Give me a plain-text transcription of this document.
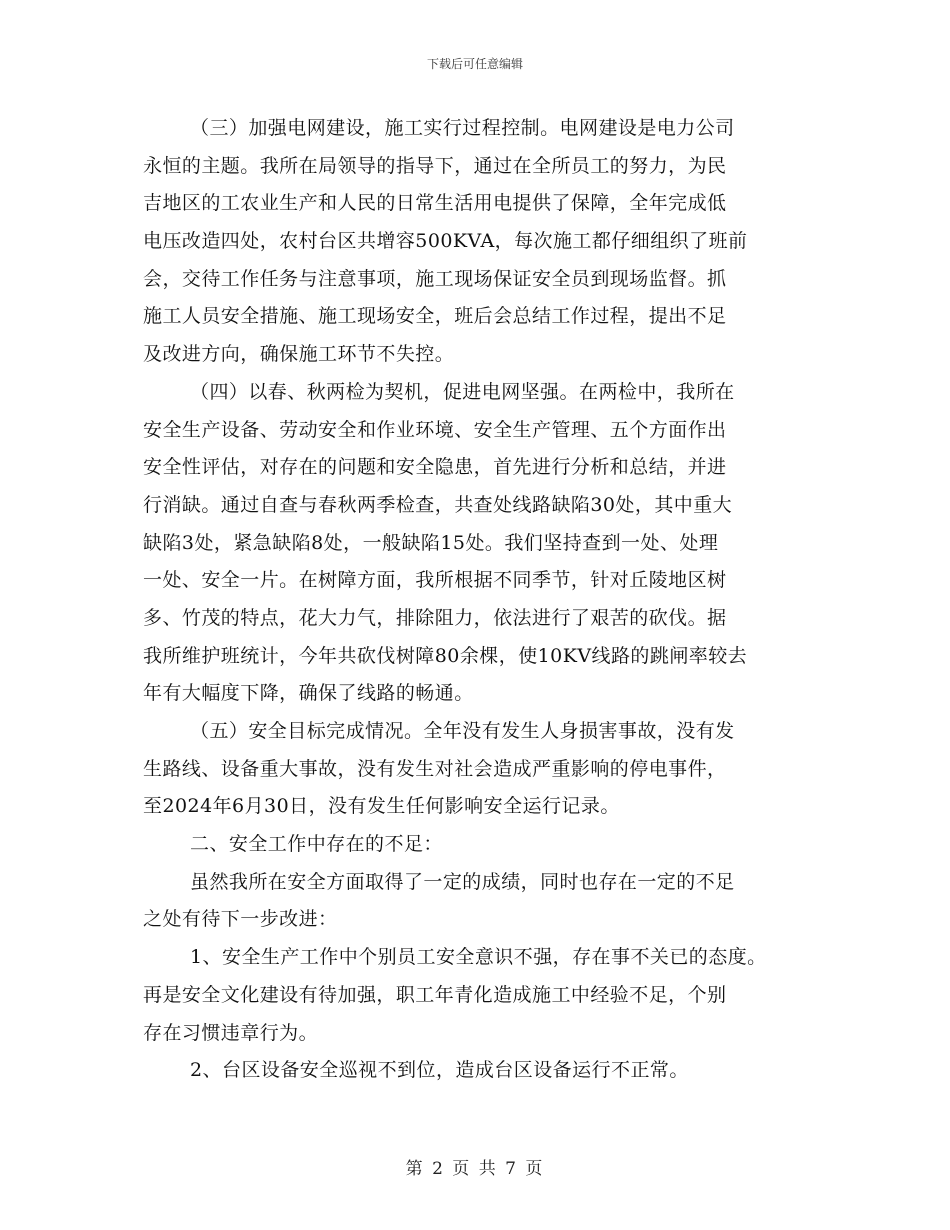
下载后可任意编辑
（三）加强电网建设，施工实行过程控制。电网建设是电力公司
永恒的主题。我所在局领导的指导下，通过在全所员工的努力，为民
吉地区的工农业生产和人民的日常生活用电提供了保障，全年完成低
电压改造四处，农村台区共增容500KVA，每次施工都仔细组织了班前
会，交待工作任务与注意事项，施工现场保证安全员到现场监督。抓
施工人员安全措施、施工现场安全，班后会总结工作过程，提出不足
及改进方向，确保施工环节不失控。
（四）以春、秋两检为契机，促进电网坚强。在两检中，我所在
安全生产设备、劳动安全和作业环境、安全生产管理、五个方面作出
安全性评估，对存在的问题和安全隐患，首先进行分析和总结，并进
行消缺。通过自查与春秋两季检查，共查处线路缺陷30处，其中重大
缺陷3处，紧急缺陷8处，一般缺陷15处。我们坚持查到一处、处理
一处、安全一片。在树障方面，我所根据不同季节，针对丘陵地区树
多、竹茂的特点，花大力气，排除阻力，依法进行了艰苦的砍伐。据
我所维护班统计，今年共砍伐树障80余棵，使10KV线路的跳闸率较去
年有大幅度下降，确保了线路的畅通。
（五）安全目标完成情况。全年没有发生人身损害事故，没有发
生路线、设备重大事故，没有发生对社会造成严重影响的停电事件，
至2024年6月30日，没有发生任何影响安全运行记录。
二、安全工作中存在的不足：
虽然我所在安全方面取得了一定的成绩，同时也存在一定的不足
之处有待下一步改进：
1、安全生产工作中个别员工安全意识不强，存在事不关已的态度。
再是安全文化建设有待加强，职工年青化造成施工中经验不足，个别
存在习惯违章行为。
2、台区设备安全巡视不到位，造成台区设备运行不正常。
第 2 页 共 7 页
